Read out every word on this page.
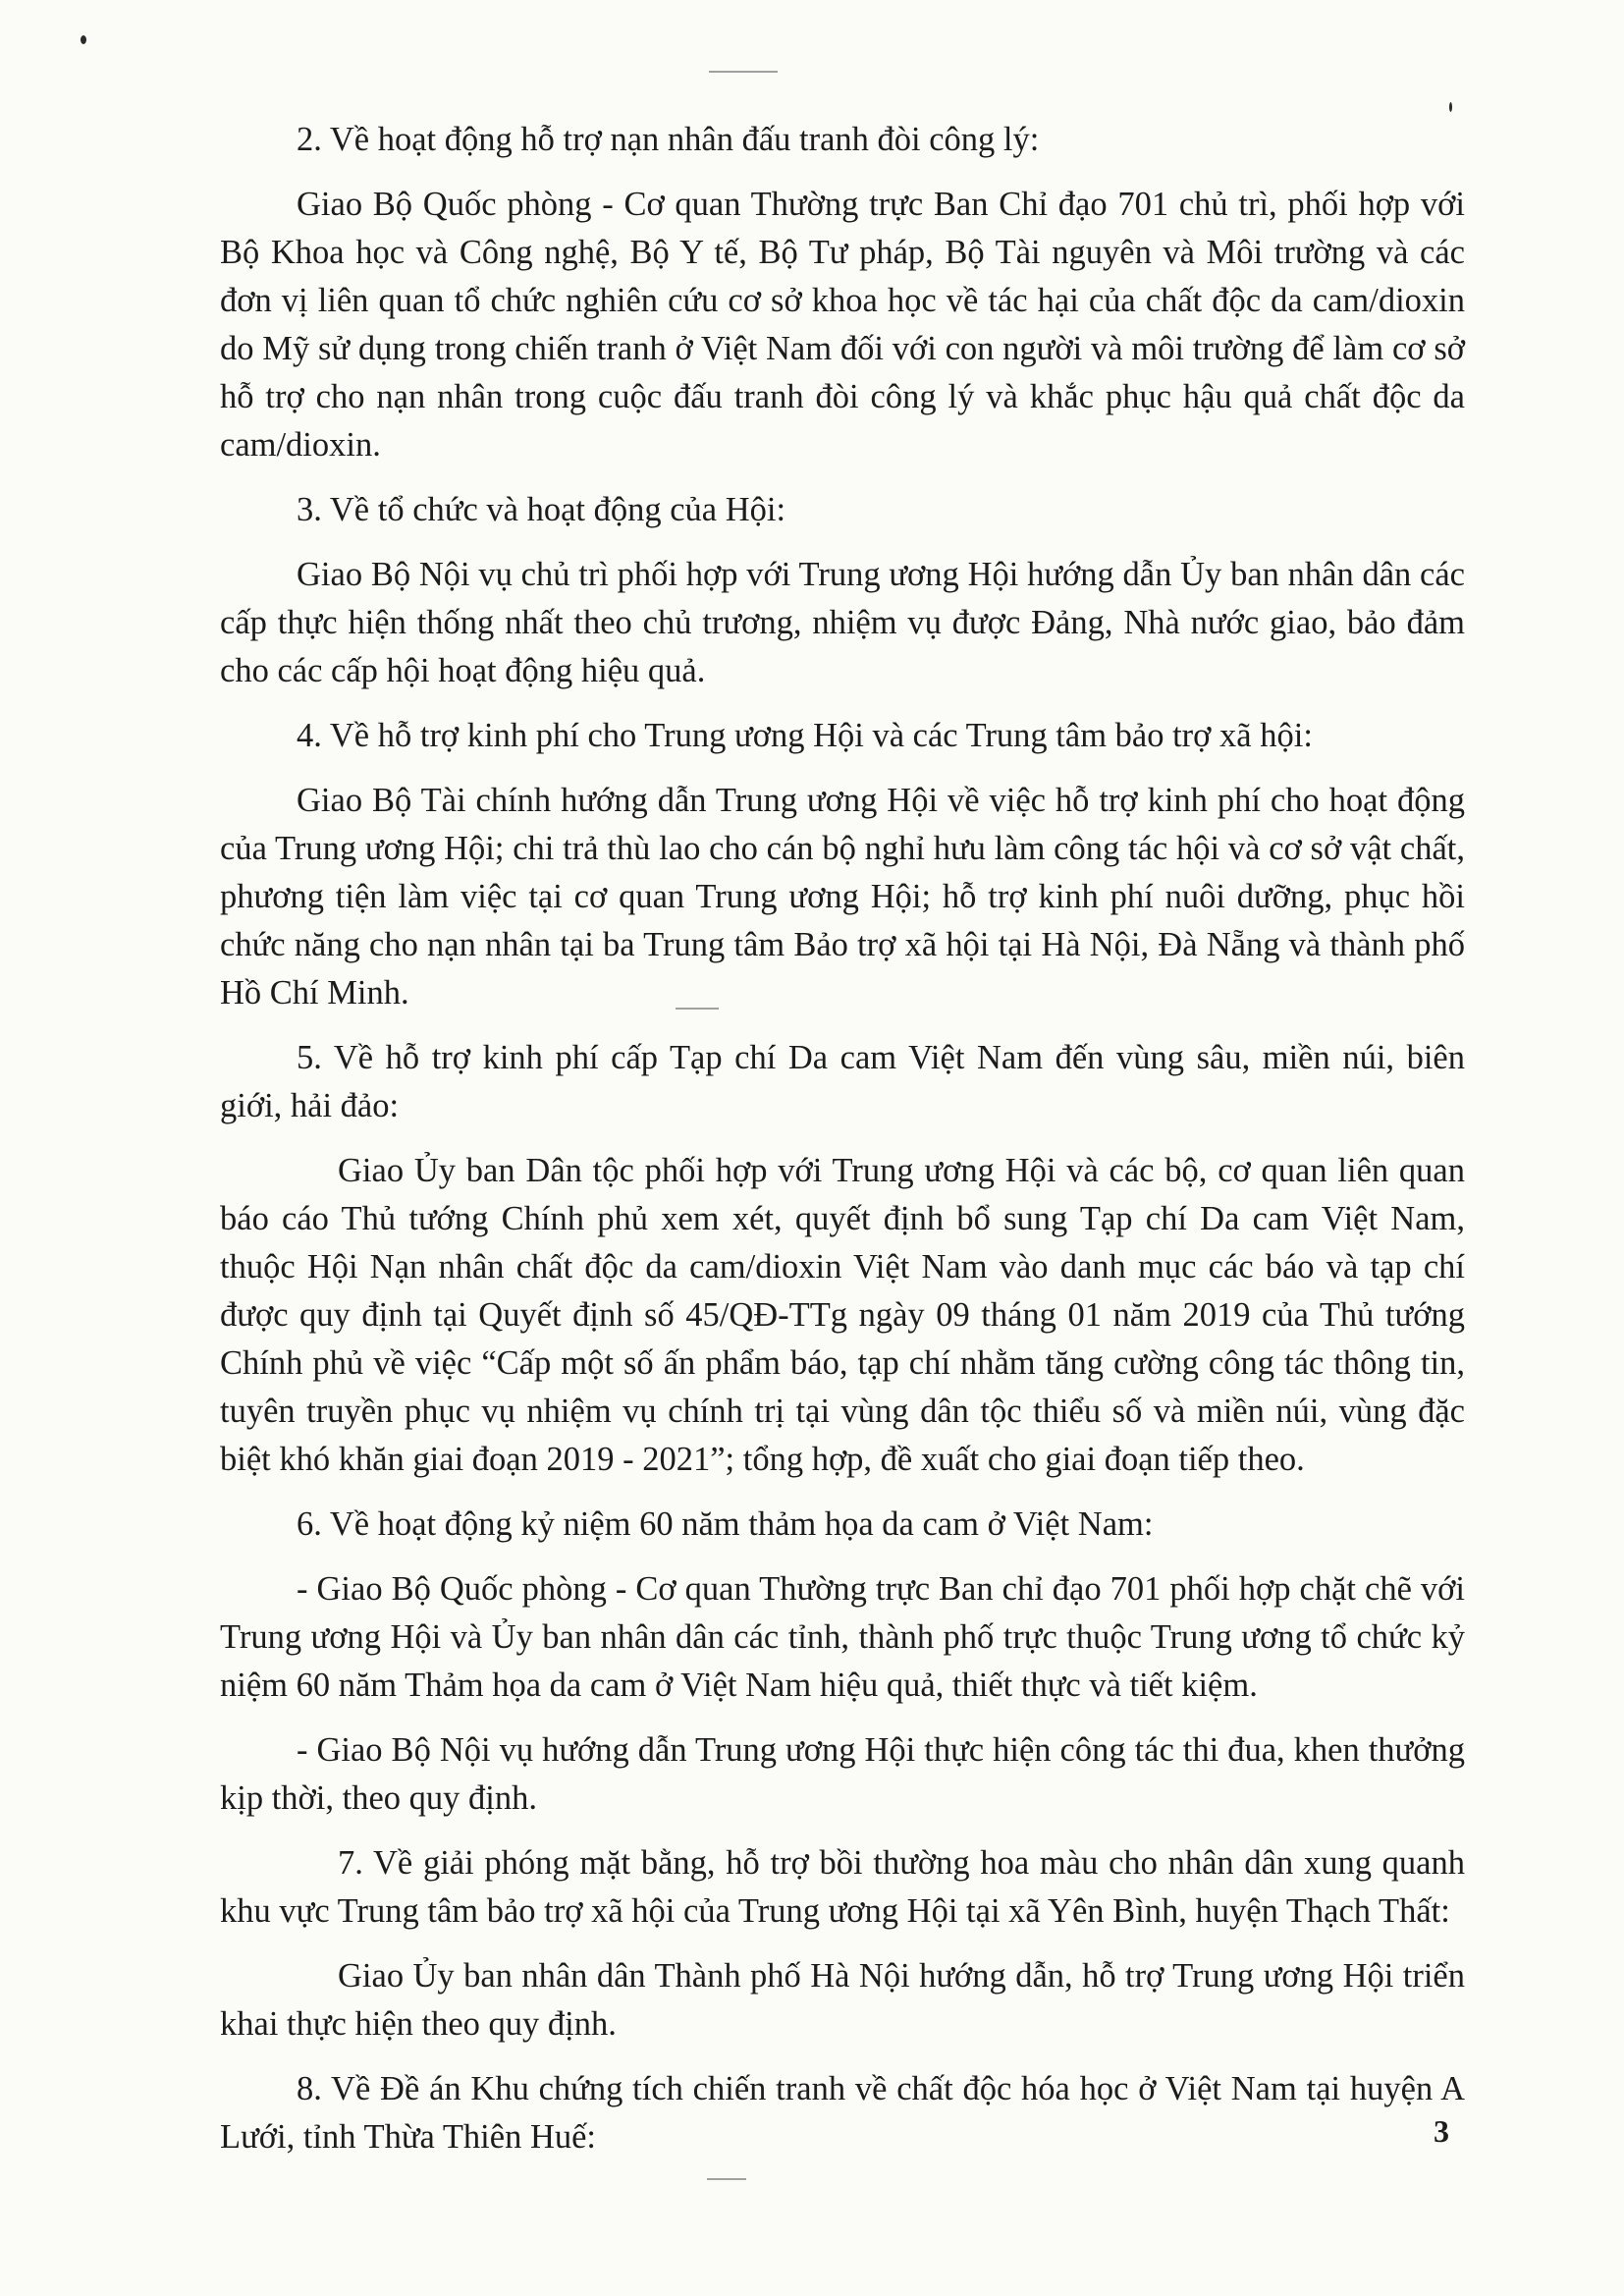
2. Về hoạt động hỗ trợ nạn nhân đấu tranh đòi công lý:

Giao Bộ Quốc phòng - Cơ quan Thường trực Ban Chỉ đạo 701 chủ trì, phối hợp với Bộ Khoa học và Công nghệ, Bộ Y tế, Bộ Tư pháp, Bộ Tài nguyên và Môi trường và các đơn vị liên quan tổ chức nghiên cứu cơ sở khoa học về tác hại của chất độc da cam/dioxin do Mỹ sử dụng trong chiến tranh ở Việt Nam đối với con người và môi trường để làm cơ sở hỗ trợ cho nạn nhân trong cuộc đấu tranh đòi công lý và khắc phục hậu quả chất độc da cam/dioxin.

3. Về tổ chức và hoạt động của Hội:

Giao Bộ Nội vụ chủ trì phối hợp với Trung ương Hội hướng dẫn Ủy ban nhân dân các cấp thực hiện thống nhất theo chủ trương, nhiệm vụ được Đảng, Nhà nước giao, bảo đảm cho các cấp hội hoạt động hiệu quả.

4. Về hỗ trợ kinh phí cho Trung ương Hội và các Trung tâm bảo trợ xã hội:

Giao Bộ Tài chính hướng dẫn Trung ương Hội về việc hỗ trợ kinh phí cho hoạt động của Trung ương Hội; chi trả thù lao cho cán bộ nghỉ hưu làm công tác hội và cơ sở vật chất, phương tiện làm việc tại cơ quan Trung ương Hội; hỗ trợ kinh phí nuôi dưỡng, phục hồi chức năng cho nạn nhân tại ba Trung tâm Bảo trợ xã hội tại Hà Nội, Đà Nẵng và thành phố Hồ Chí Minh.

5. Về hỗ trợ kinh phí cấp Tạp chí Da cam Việt Nam đến vùng sâu, miền núi, biên giới, hải đảo:

Giao Ủy ban Dân tộc phối hợp với Trung ương Hội và các bộ, cơ quan liên quan báo cáo Thủ tướng Chính phủ xem xét, quyết định bổ sung Tạp chí Da cam Việt Nam, thuộc Hội Nạn nhân chất độc da cam/dioxin Việt Nam vào danh mục các báo và tạp chí được quy định tại Quyết định số 45/QĐ-TTg ngày 09 tháng 01 năm 2019 của Thủ tướng Chính phủ về việc “Cấp một số ấn phẩm báo, tạp chí nhằm tăng cường công tác thông tin, tuyên truyền phục vụ nhiệm vụ chính trị tại vùng dân tộc thiểu số và miền núi, vùng đặc biệt khó khăn giai đoạn 2019 - 2021”; tổng hợp, đề xuất cho giai đoạn tiếp theo.

6. Về hoạt động kỷ niệm 60 năm thảm họa da cam ở Việt Nam:

- Giao Bộ Quốc phòng - Cơ quan Thường trực Ban chỉ đạo 701 phối hợp chặt chẽ với Trung ương Hội và Ủy ban nhân dân các tỉnh, thành phố trực thuộc Trung ương tổ chức kỷ niệm 60 năm Thảm họa da cam ở Việt Nam hiệu quả, thiết thực và tiết kiệm.

- Giao Bộ Nội vụ hướng dẫn Trung ương Hội thực hiện công tác thi đua, khen thưởng kịp thời, theo quy định.

7. Về giải phóng mặt bằng, hỗ trợ bồi thường hoa màu cho nhân dân xung quanh khu vực Trung tâm bảo trợ xã hội của Trung ương Hội tại xã Yên Bình, huyện Thạch Thất:

Giao Ủy ban nhân dân Thành phố Hà Nội hướng dẫn, hỗ trợ Trung ương Hội triển khai thực hiện theo quy định.

8. Về Đề án Khu chứng tích chiến tranh về chất độc hóa học ở Việt Nam tại huyện A Lưới, tỉnh Thừa Thiên Huế:	3
